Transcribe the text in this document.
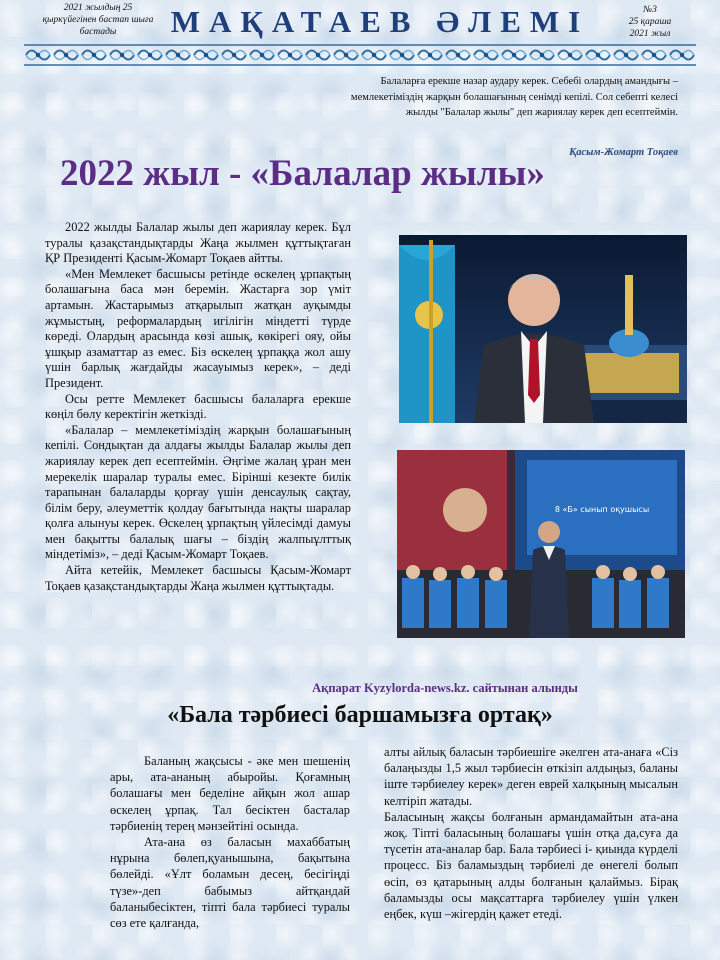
2021 жылдың 25 қыркүйегінен бастап шыға бастады	МАҚАТАЕВ ӘЛЕМІ	№3
25 қараша
2021 жыл
Балаларға ерекше назар аудару керек. Себебі олардың амандығы – мемлекетіміздің жарқын болашағының сенімді кепілі. Сол себепті келесі жылды "Балалар жылы" деп жариялау керек деп есептеймін.
Қасым-Жомарт Тоқаев
2022 жыл - «Балалар жылы»

2022 жылды Балалар жылы деп жариялау керек. Бұл туралы қазақстандықтарды Жаңа жылмен құттықтаған ҚР Президенті Қасым-Жомарт Тоқаев айтты.

«Мен Мемлекет басшысы ретінде өскелең ұрпақтың болашағына баса мән беремін. Жастарға зор үміт артамын. Жастарымыз атқарылып жатқан ауқымды жұмыстың, реформалардың игілігін міндетті түрде көреді. Олардың арасында көзі ашық, көкірегі ояу, ойы ұшқыр азаматтар аз емес. Біз өскелең ұрпаққа жол ашу үшін барлық жағдайды жасауымыз керек», – деді Президент.

Осы ретте Мемлекет басшысы балаларға ерекше көңіл бөлу керектігін жеткізді.

«Балалар – мемлекетіміздің жарқын болашағының кепілі. Сондықтан да алдағы жылды Балалар жылы деп жариялау керек деп есептеймін. Әңгіме жалаң ұран мен мерекелік шаралар туралы емес. Бірінші кезекте билік тарапынан балаларды қорғау үшін денсаулық сақтау, білім беру, әлеуметтік қолдау бағытында нақты шаралар қолға алынуы керек. Өскелең ұрпақтың үйлесімді дамуы мен бақытты балалық шағы – біздің жалпыұлттық міндетіміз», – деді Қасым-Жомарт Тоқаев.

Айта кетейік, Мемлекет басшысы Қасым-Жомарт Тоқаев қазақстандықтарды Жаңа жылмен құттықтады.

8 «Б» сынып оқушысы
Ақпарат Kyzylorda-news.kz. сайтынан алынды
«Бала тәрбиесі баршамызға ортақ»

Баланың жақсысы - әке мен шешенің ары, ата-ананың абыройы. Қоғамның болашағы мен беделіне айқын жол ашар өскелең ұрпақ. Тал бесіктен басталар тәрбиенің терең мәнзейтіні осында.

Ата-ана өз баласын махаббатың нұрына бөлеп,қуанышына, бақытына бөлейді. «Ұлт боламын десең, бесігіңді түзе»-деп бабымыз айтқандай баланыбесіктен, тіпті бала тәрбиесі туралы сөз ете қалғанда,

алты айлық баласын тәрбиешіге әкелген ата-анаға «Сіз балаңызды 1,5 жыл тәрбиесін өткізіп алдыңыз, баланы іште тәрбиелеу керек» деген еврей халқының мысалын келтіріп жатады.

Баласының жақсы болғанын армандамайтын ата-ана жоқ. Тіпті баласының болашағы үшін отқа да,суға да түсетін ата-аналар бар. Бала тәрбиесі і- қиында күрделі процесс. Біз баламыздың тәрбиелі де өнегелі болып өсіп, өз қатарының алды болғанын қалаймыз. Бірақ баламызды осы мақсаттарға тәрбиелеу үшін үлкен еңбек, күш –жігердің қажет етеді.
